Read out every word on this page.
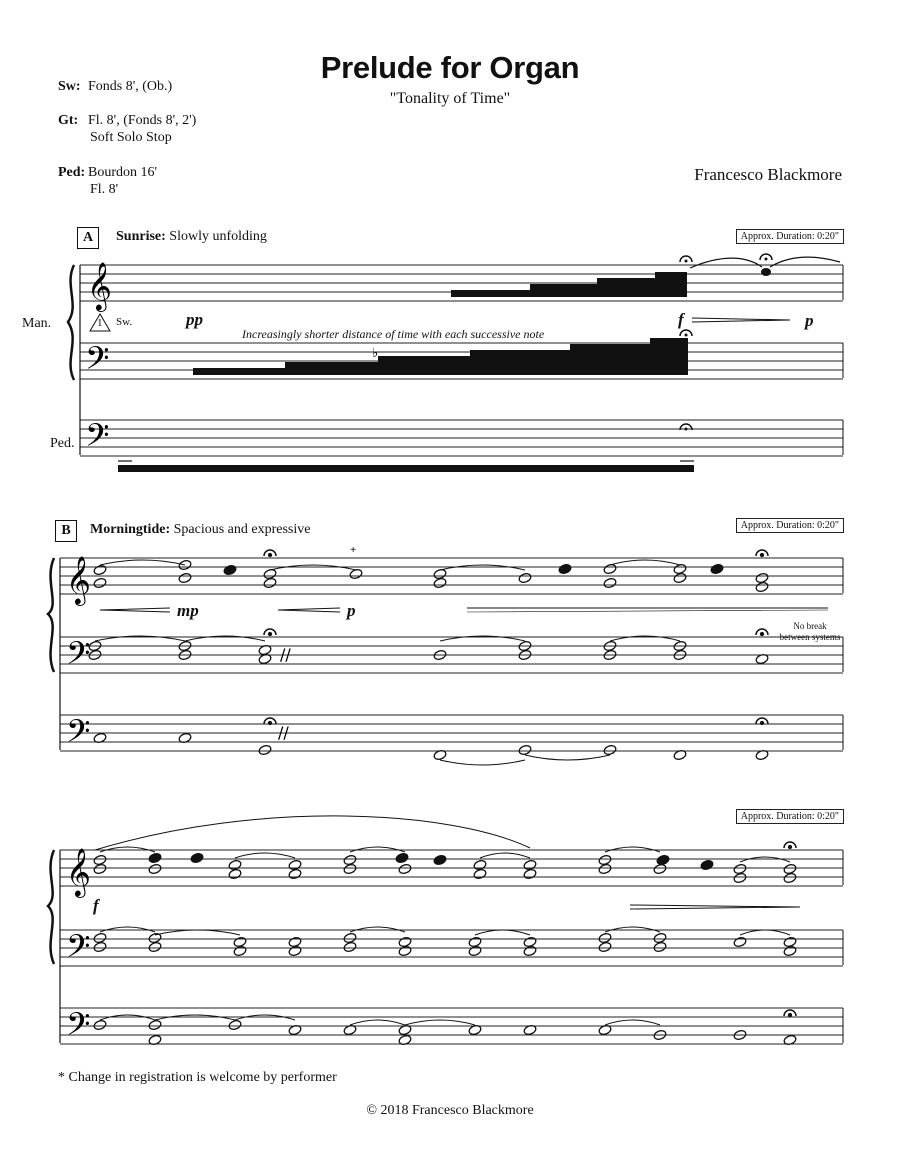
Prelude for Organ
"Tonality of Time"
Francesco Blackmore
Sw: Fonds 8', (Ob.)
Gt: Fl. 8', (Fonds 8', 2')
Soft Solo Stop
Ped: Bourdon 16'
Fl. 8'
𝄞
𝄢
𝄢
♭
𝄞
𝄢
𝄢
//
//
𝄞
𝄢
𝄢
A	Sunrise: Slowly unfolding	Approx. Duration: 0:20"
Man.
Ped.
1 Sw.	pp	f	p
Increasingly shorter distance of time with each successive note
B	Morningtide: Spacious and expressive	Approx. Duration: 0:20"
mp	p
+
No break
between systems
Approx. Duration: 0:20"
f
* Change in registration is welcome by performer
© 2018 Francesco Blackmore
